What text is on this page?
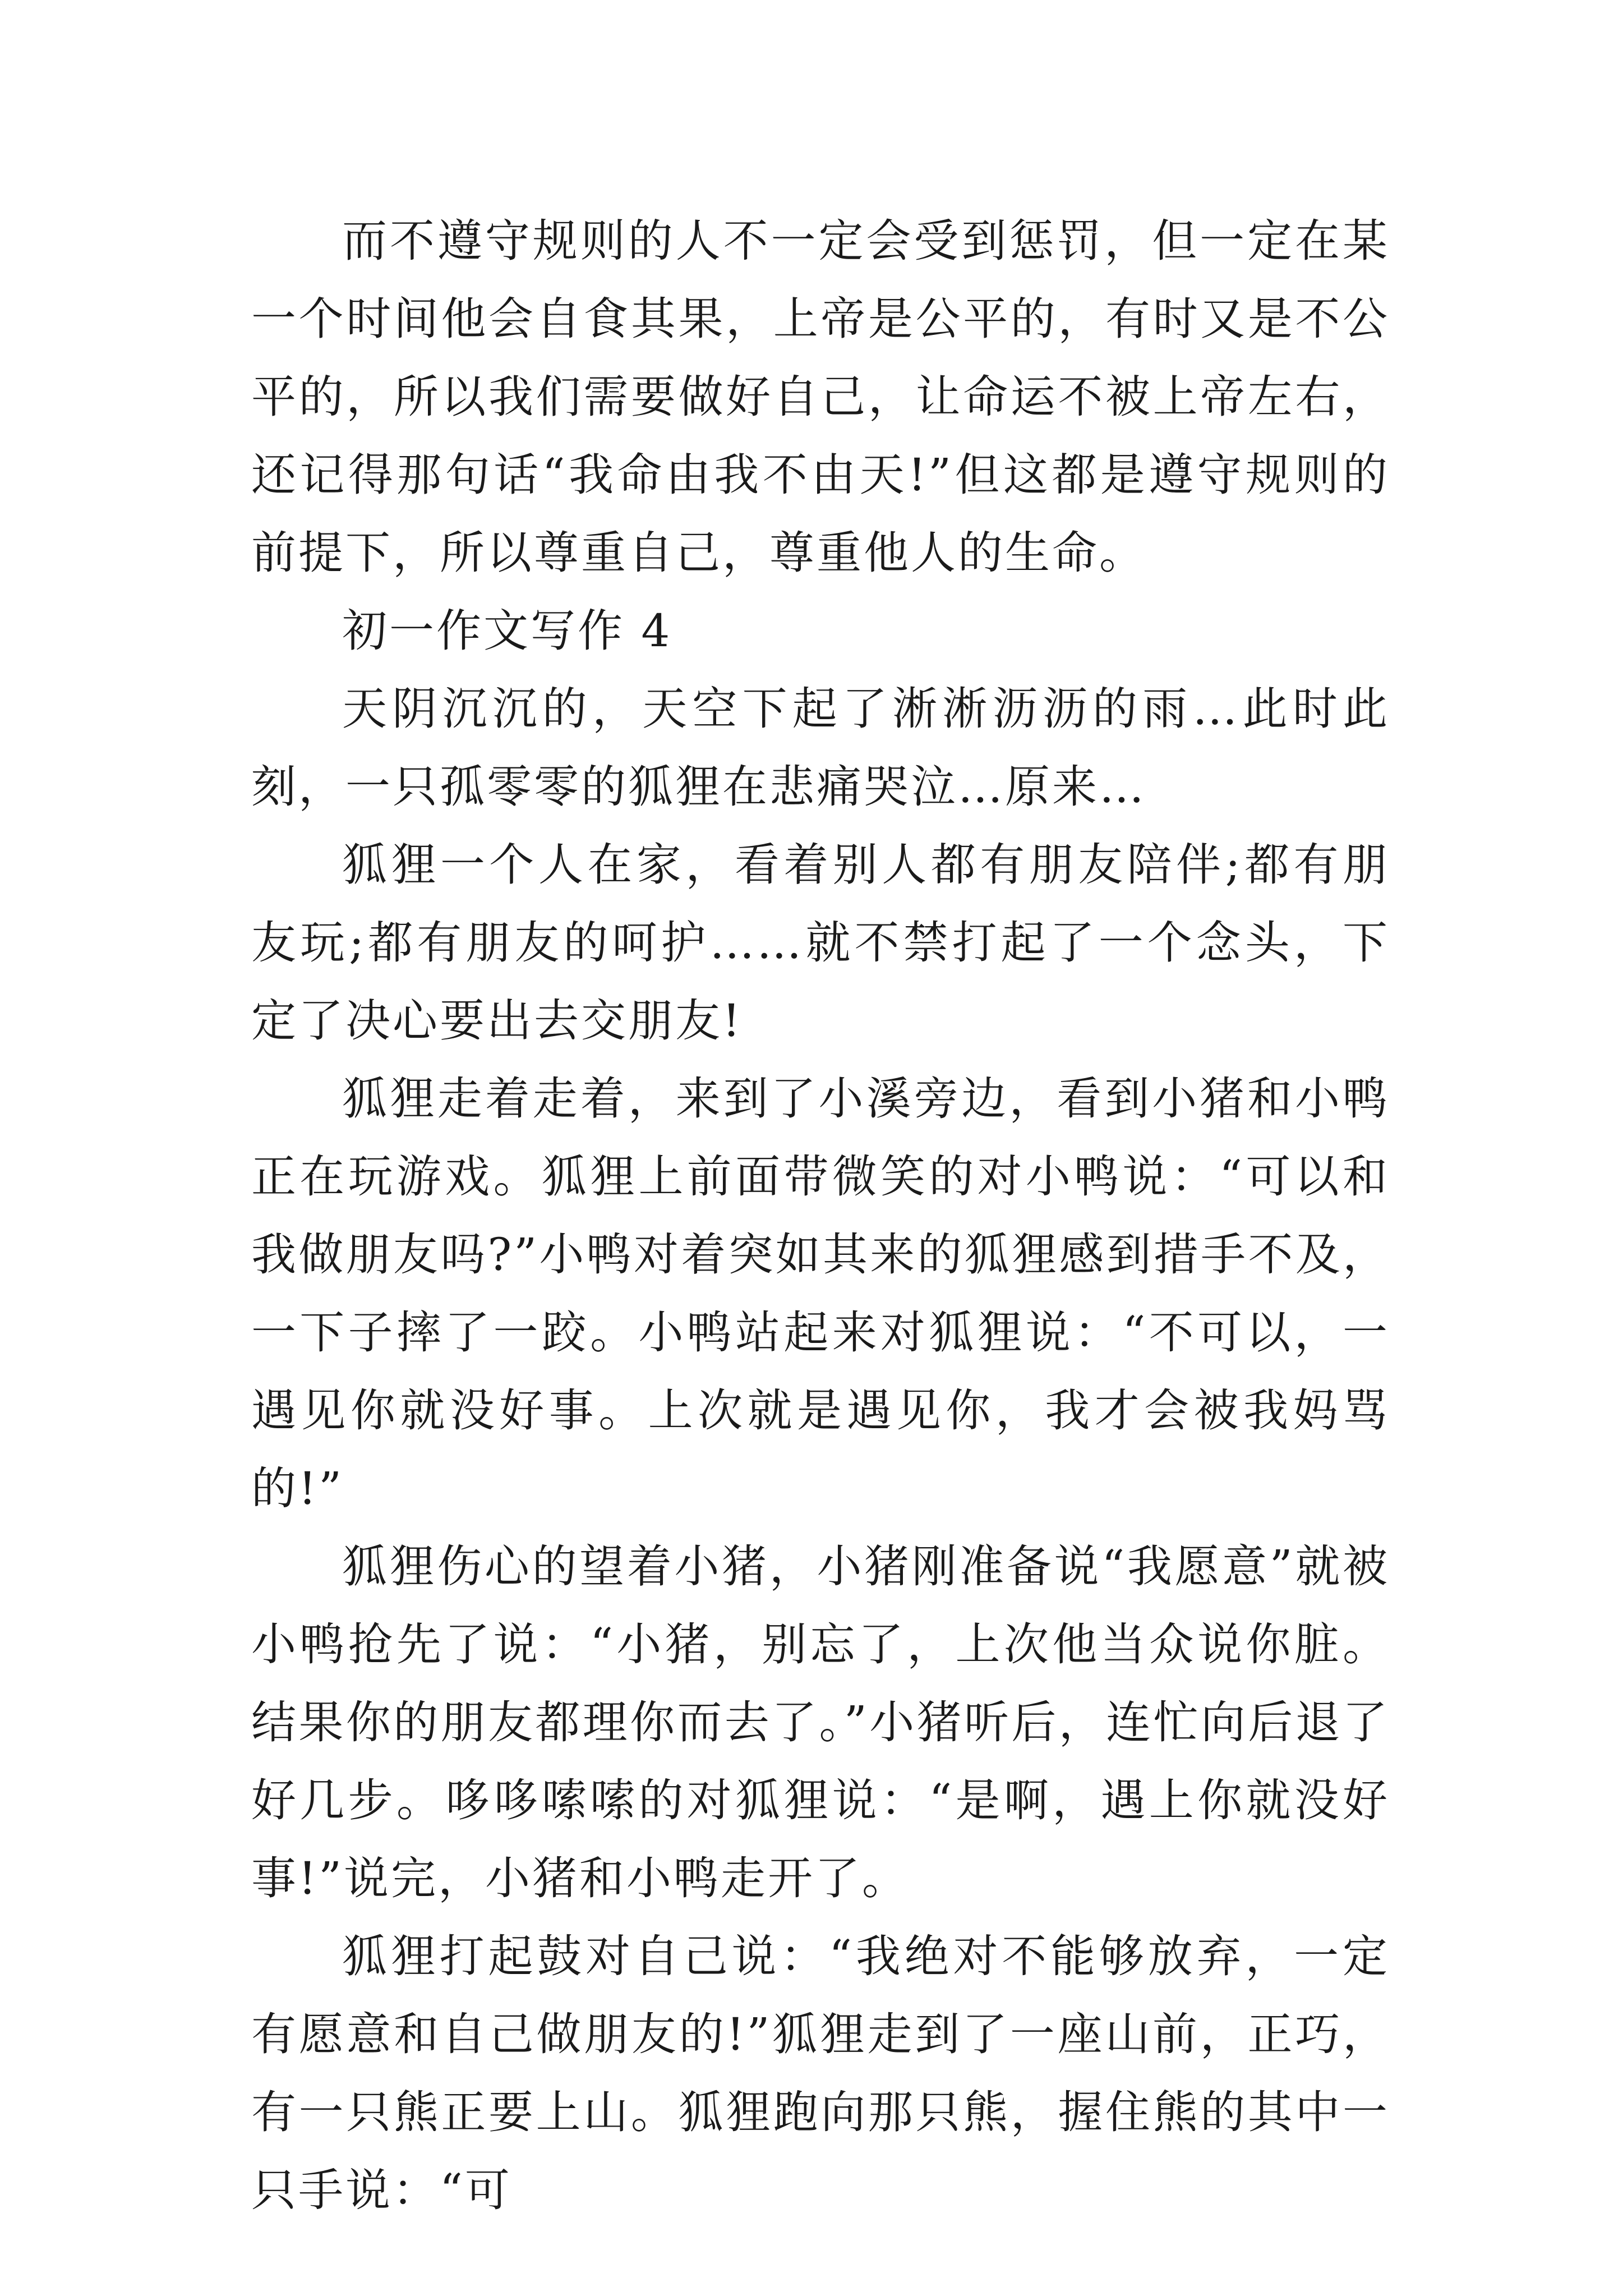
而不遵守规则的人不一定会受到惩罚，但一定在某一个时间他会自食其果，上帝是公平的，有时又是不公平的，所以我们需要做好自己，让命运不被上帝左右，还记得那句话“我命由我不由天!”但这都是遵守规则的前提下，所以尊重自己，尊重他人的生命。

初一作文写作 4

天阴沉沉的，天空下起了淅淅沥沥的雨…此时此刻，一只孤零零的狐狸在悲痛哭泣…原来…

狐狸一个人在家，看着别人都有朋友陪伴;都有朋友玩;都有朋友的呵护……就不禁打起了一个念头，下定了决心要出去交朋友!

狐狸走着走着，来到了小溪旁边，看到小猪和小鸭正在玩游戏。狐狸上前面带微笑的对小鸭说：“可以和我做朋友吗?”小鸭对着突如其来的狐狸感到措手不及，一下子摔了一跤。小鸭站起来对狐狸说：“不可以，一遇见你就没好事。上次就是遇见你，我才会被我妈骂的!”

狐狸伤心的望着小猪，小猪刚准备说“我愿意”就被小鸭抢先了说：“小猪，别忘了，上次他当众说你脏。结果你的朋友都理你而去了。”小猪听后，连忙向后退了好几步。哆哆嗦嗦的对狐狸说：“是啊，遇上你就没好事!”说完，小猪和小鸭走开了。

狐狸打起鼓对自己说：“我绝对不能够放弃，一定有愿意和自己做朋友的!”狐狸走到了一座山前，正巧，有一只熊正要上山。狐狸跑向那只熊，握住熊的其中一只手说：“可
